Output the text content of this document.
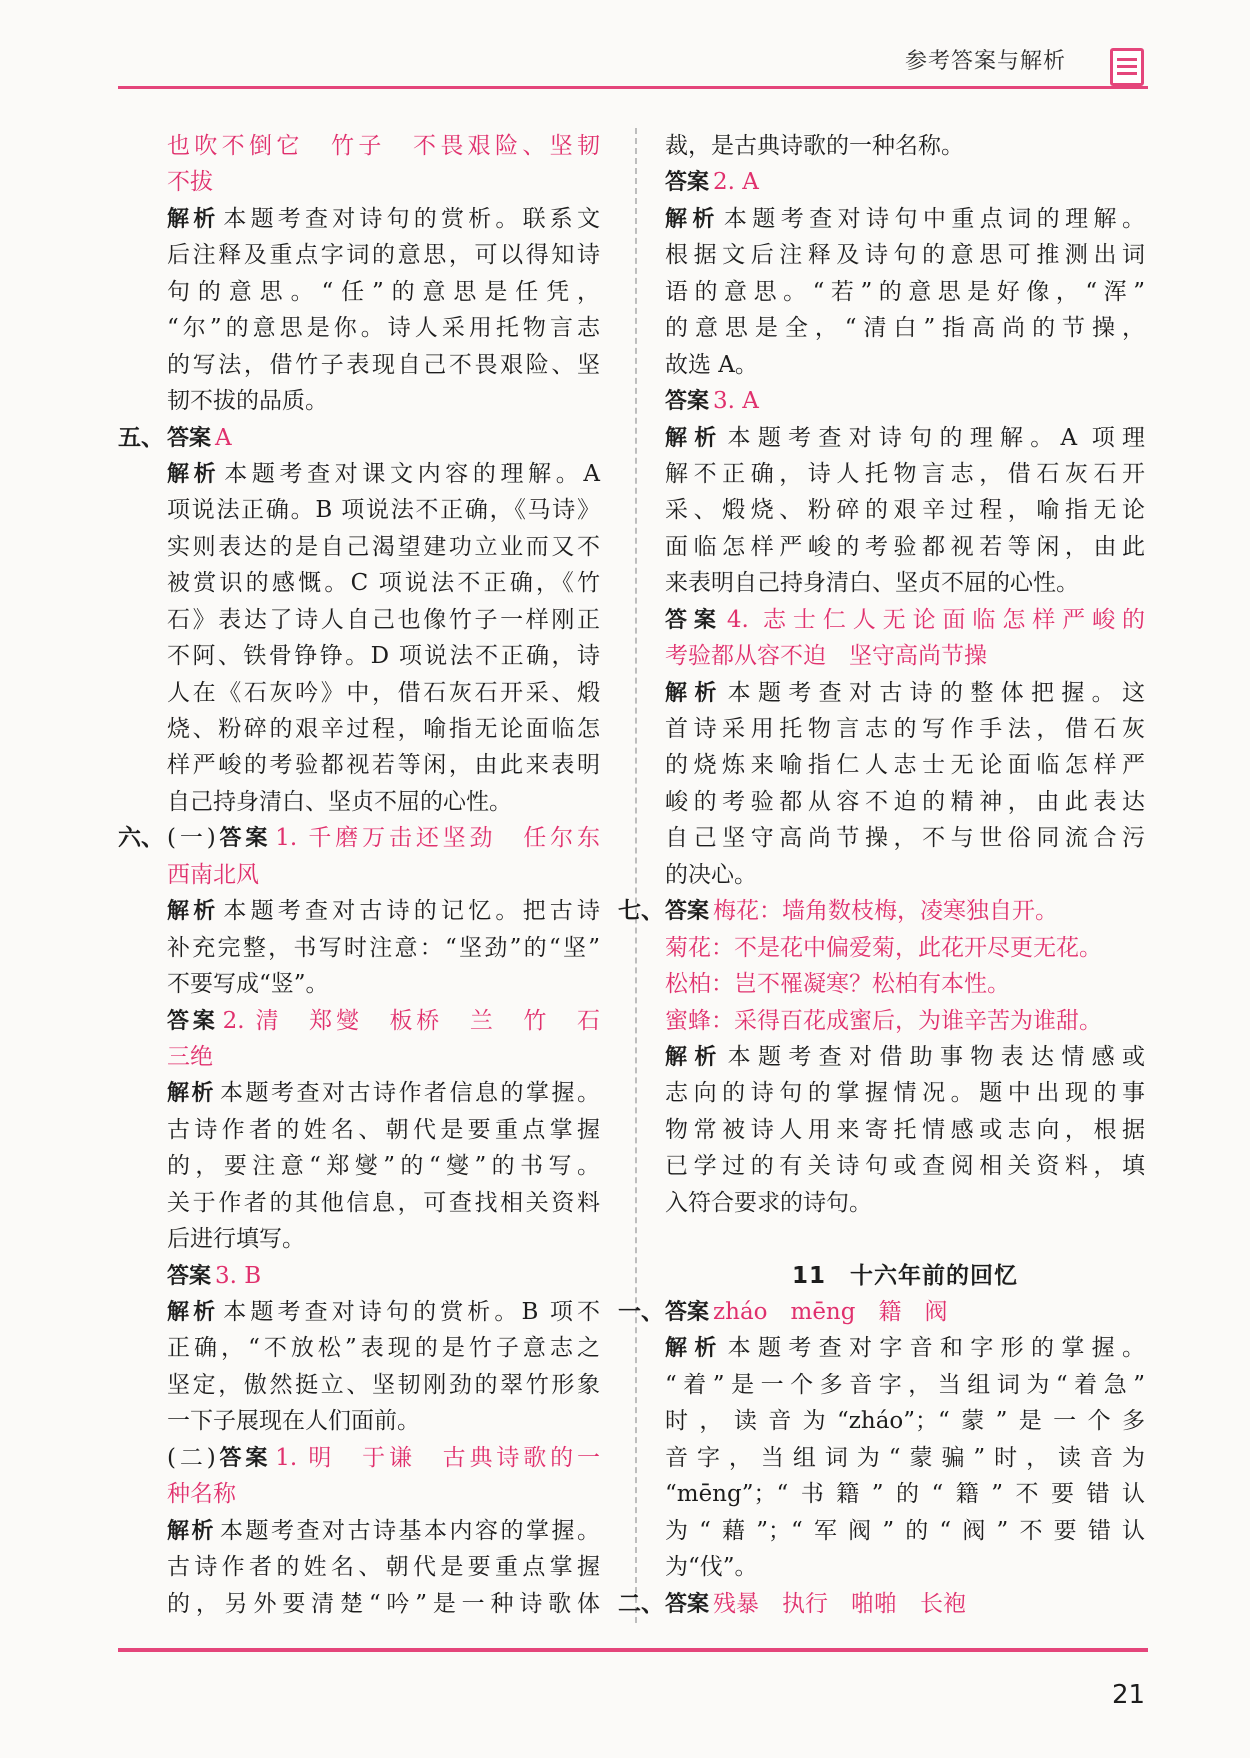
参考答案与解析
也吹不倒它　竹子　不畏艰险、坚韧
不拔
解析 本题考查对诗句的赏析。联系文
后注释及重点字词的意思，可以得知诗
句的意思。“任”的意思是任凭，
“尔”的意思是你。诗人采用托物言志
的写法，借竹子表现自己不畏艰险、坚
韧不拔的品质。
五、 答案 A
解析 本题考查对课文内容的理解。A
项说法正确。B 项说法不正确，《马诗》
实则表达的是自己渴望建功立业而又不
被赏识的感慨。C 项说法不正确，《竹
石》表达了诗人自己也像竹子一样刚正
不阿、铁骨铮铮。D 项说法不正确，诗
人在《石灰吟》中，借石灰石开采、煅
烧、粉碎的艰辛过程，喻指无论面临怎
样严峻的考验都视若等闲，由此来表明
自己持身清白、坚贞不屈的心性。
六、 (一)答案 1. 千磨万击还坚劲　任尔东
西南北风
解析 本题考查对古诗的记忆。把古诗
补充完整，书写时注意：“坚劲”的“坚”
不要写成“竖”。
答案 2. 清　郑燮　板桥　兰　竹　石
三绝
解析 本题考查对古诗作者信息的掌握。
古诗作者的姓名、朝代是要重点掌握
的，要注意“郑燮”的“燮”的书写。
关于作者的其他信息，可查找相关资料
后进行填写。
答案 3. B
解析 本题考查对诗句的赏析。B 项不
正确，“不放松”表现的是竹子意志之
坚定，傲然挺立、坚韧刚劲的翠竹形象
一下子展现在人们面前。
(二)答案 1. 明　于谦　古典诗歌的一
种名称
解析 本题考查对古诗基本内容的掌握。
古诗作者的姓名、朝代是要重点掌握
的，另外要清楚“吟”是一种诗歌体
裁，是古典诗歌的一种名称。
答案 2. A
解析 本题考查对诗句中重点词的理解。
根据文后注释及诗句的意思可推测出词
语的意思。“若”的意思是好像，“浑”
的意思是全，“清白”指高尚的节操，
故选 A。
答案 3. A
解析 本题考查对诗句的理解。A 项理
解不正确，诗人托物言志，借石灰石开
采、煅烧、粉碎的艰辛过程，喻指无论
面临怎样严峻的考验都视若等闲，由此
来表明自己持身清白、坚贞不屈的心性。
答案 4. 志士仁人无论面临怎样严峻的
考验都从容不迫　坚守高尚节操
解析 本题考查对古诗的整体把握。这
首诗采用托物言志的写作手法，借石灰
的烧炼来喻指仁人志士无论面临怎样严
峻的考验都从容不迫的精神，由此表达
自己坚守高尚节操，不与世俗同流合污
的决心。
七、 答案 梅花：墙角数枝梅，凌寒独自开。
菊花：不是花中偏爱菊，此花开尽更无花。
松柏：岂不罹凝寒？松柏有本性。
蜜蜂：采得百花成蜜后，为谁辛苦为谁甜。
解析 本题考查对借助事物表达情感或
志向的诗句的掌握情况。题中出现的事
物常被诗人用来寄托情感或志向，根据
已学过的有关诗句或查阅相关资料，填
入符合要求的诗句。
11　十六年前的回忆
一、 答案 zháo　mēng　籍　阀
解析 本题考查对字音和字形的掌握。
“着”是一个多音字，当组词为“着急”
时，读音为“zháo”；“蒙”是一个多
音字，当组词为“蒙骗”时，读音为
“mēng”；“书籍”的“籍”不要错认
为“藉”；“军阀”的“阀”不要错认
为“伐”。
二、 答案 残暴　执行　啪啪　长袍
21
